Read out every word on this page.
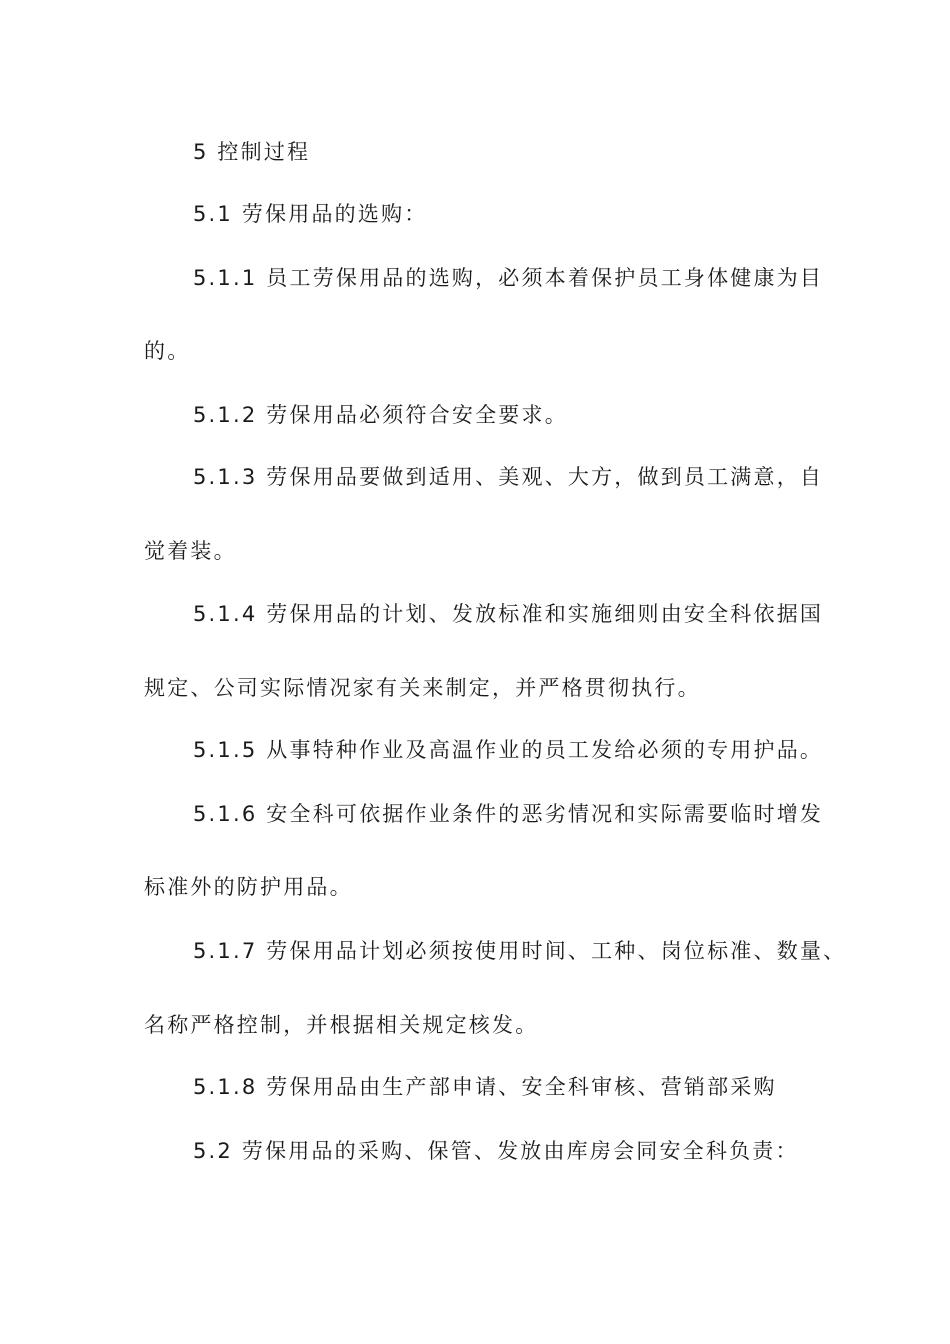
5 控制过程
5.1 劳保用品的选购：
5.1.1 员工劳保用品的选购，必须本着保护员工身体健康为目
的。
5.1.2 劳保用品必须符合安全要求。
5.1.3 劳保用品要做到适用、美观、大方，做到员工满意，自
觉着装。
5.1.4 劳保用品的计划、发放标准和实施细则由安全科依据国
规定、公司实际情况家有关来制定，并严格贯彻执行。
5.1.5 从事特种作业及高温作业的员工发给必须的专用护品。
5.1.6 安全科可依据作业条件的恶劣情况和实际需要临时增发
标准外的防护用品。
5.1.7 劳保用品计划必须按使用时间、工种、岗位标准、数量、
名称严格控制，并根据相关规定核发。
5.1.8 劳保用品由生产部申请、安全科审核、营销部采购
5.2 劳保用品的采购、保管、发放由库房会同安全科负责：
